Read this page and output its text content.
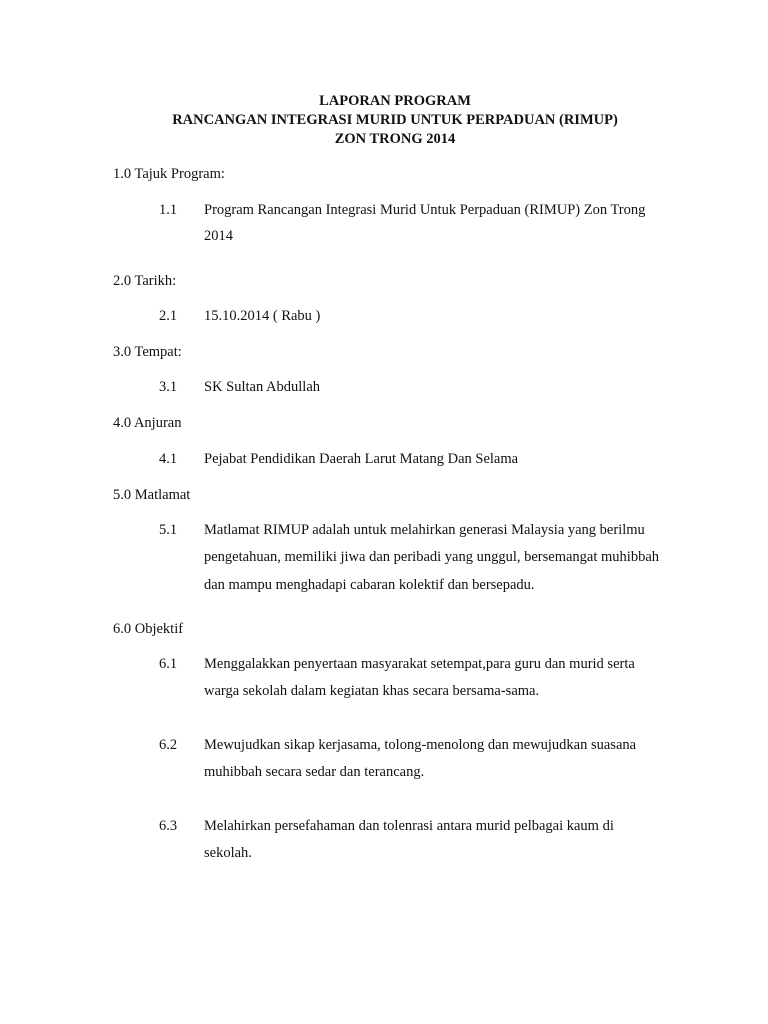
LAPORAN PROGRAM
RANCANGAN INTEGRASI MURID UNTUK PERPADUAN (RIMUP)
ZON TRONG 2014
1.0 Tajuk Program:
1.1 Program Rancangan Integrasi Murid Untuk Perpaduan (RIMUP) Zon Trong
2014
2.0 Tarikh:
2.1 15.10.2014 ( Rabu )
3.0 Tempat:
3.1 SK Sultan Abdullah
4.0 Anjuran
4.1 Pejabat Pendidikan Daerah Larut Matang Dan Selama
5.0 Matlamat
5.1 Matlamat RIMUP adalah untuk melahirkan generasi Malaysia yang berilmu
pengetahuan, memiliki jiwa dan peribadi yang unggul, bersemangat muhibbah
dan mampu menghadapi cabaran kolektif dan bersepadu.
6.0 Objektif
6.1 Menggalakkan penyertaan masyarakat setempat,para guru dan murid serta
warga sekolah dalam kegiatan khas secara bersama-sama.
6.2 Mewujudkan sikap kerjasama, tolong-menolong dan mewujudkan suasana
muhibbah secara sedar dan terancang.
6.3 Melahirkan persefahaman dan tolenrasi antara murid pelbagai kaum di
sekolah.
